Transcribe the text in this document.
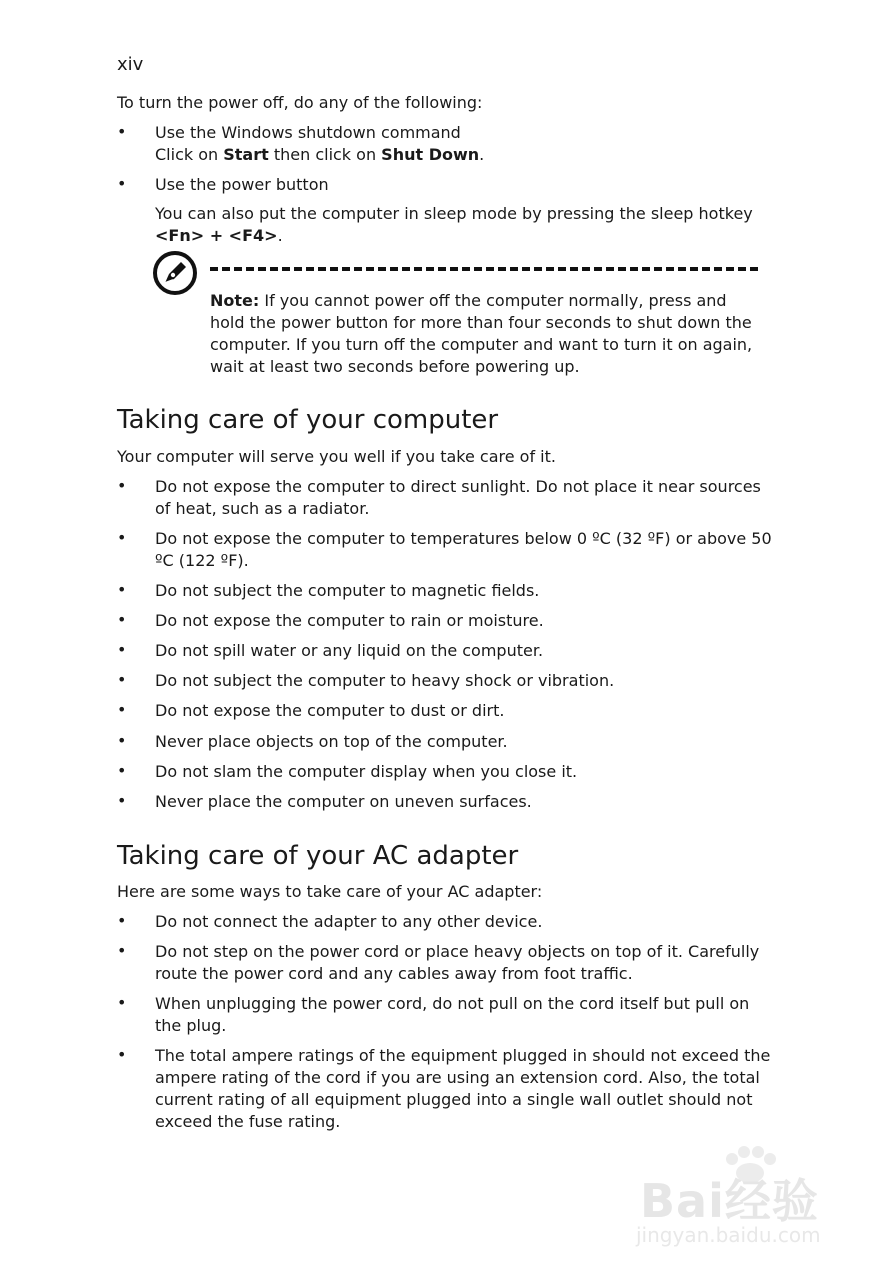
xiv
To turn the power off, do any of the following:
• Use the Windows shutdown command
Click on Start then click on Shut Down.
• Use the power button
You can also put the computer in sleep mode by pressing the sleep hotkey <Fn> + <F4>.
Note: If you cannot power off the computer normally, press and hold the power button for more than four seconds to shut down the computer. If you turn off the computer and want to turn it on again, wait at least two seconds before powering up.
Taking care of your computer
Your computer will serve you well if you take care of it.
• Do not expose the computer to direct sunlight. Do not place it near sources of heat, such as a radiator.
• Do not expose the computer to temperatures below 0 ºC (32 ºF) or above 50 ºC (122 ºF).
• Do not subject the computer to magnetic fields.
• Do not expose the computer to rain or moisture.
• Do not spill water or any liquid on the computer.
• Do not subject the computer to heavy shock or vibration.
• Do not expose the computer to dust or dirt.
• Never place objects on top of the computer.
• Do not slam the computer display when you close it.
• Never place the computer on uneven surfaces.
Taking care of your AC adapter
Here are some ways to take care of your AC adapter:
• Do not connect the adapter to any other device.
• Do not step on the power cord or place heavy objects on top of it. Carefully route the power cord and any cables away from foot traffic.
• When unplugging the power cord, do not pull on the cord itself but pull on the plug.
• The total ampere ratings of the equipment plugged in should not exceed the ampere rating of the cord if you are using an extension cord. Also, the total current rating of all equipment plugged into a single wall outlet should not exceed the fuse rating.
Bai经验
jingyan.baidu.com
